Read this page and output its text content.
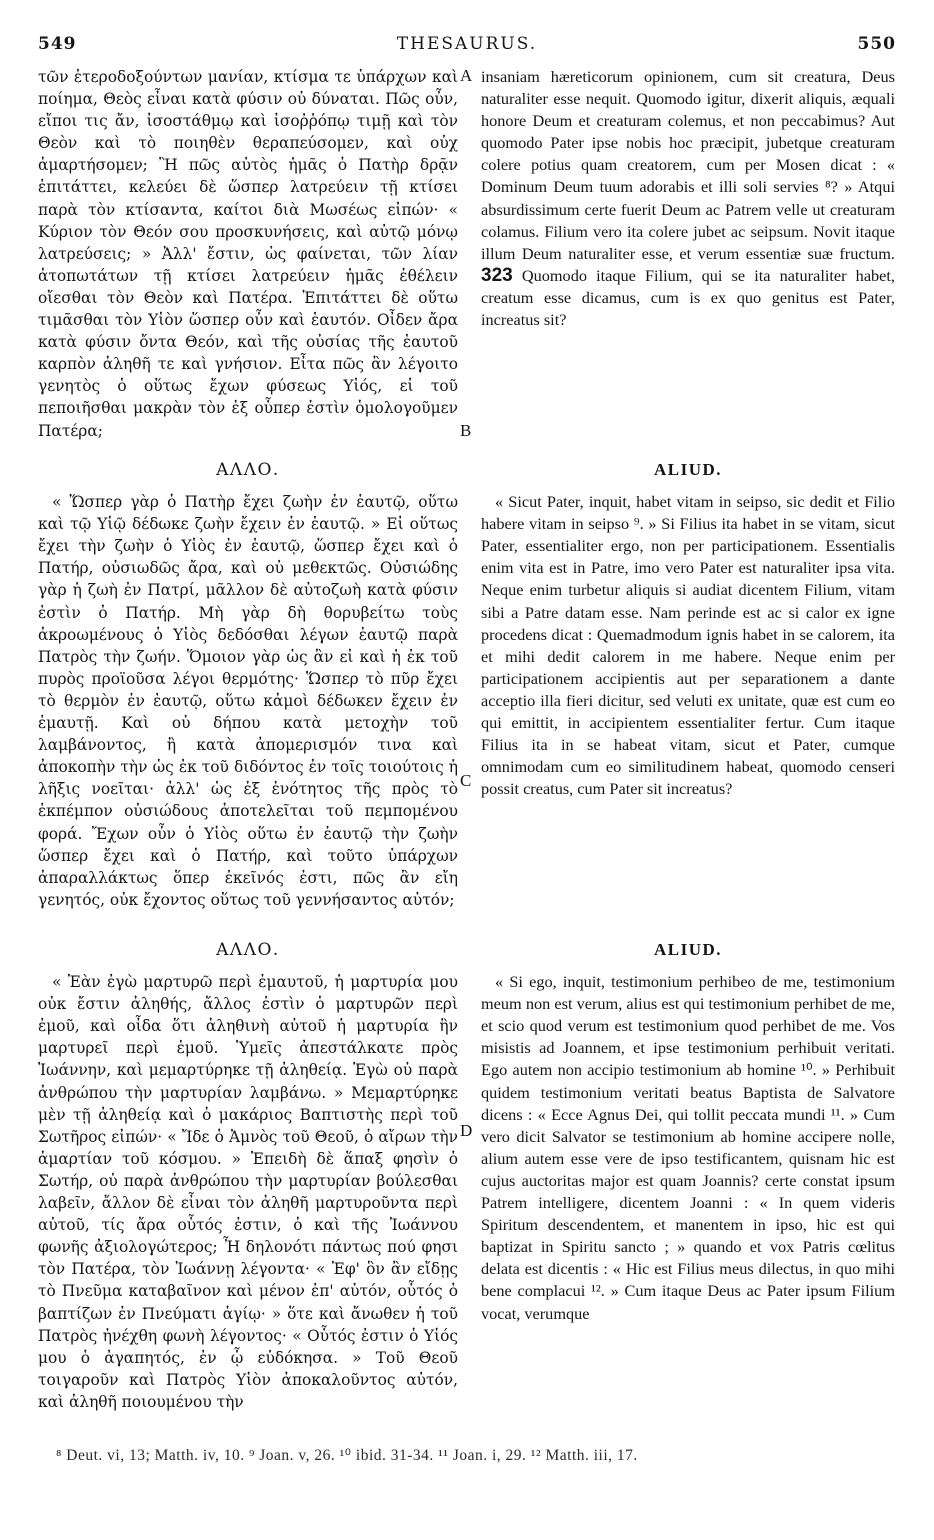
549	THESAURUS.	550
A
B
C
D

τῶν ἑτεροδοξούντων μανίαν, κτίσμα τε ὑπάρχων καὶ ποίημα, Θεὸς εἶναι κατὰ φύσιν οὐ δύναται. Πῶς οὖν, εἴποι τις ἄν, ἰσοστάθμῳ καὶ ἰσοῤῥόπῳ τιμῇ καὶ τὸν Θεὸν καὶ τὸ ποιηθὲν θεραπεύσομεν, καὶ οὐχ ἁμαρτήσομεν; Ἢ πῶς αὐτὸς ἡμᾶς ὁ Πατὴρ δρᾷν ἐπιτάττει, κελεύει δὲ ὥσπερ λατρεύειν τῇ κτίσει παρὰ τὸν κτίσαντα, καίτοι διὰ Μωσέως εἰπών· « Κύριον τὸν Θεόν σου προσκυνήσεις, καὶ αὐτῷ μόνῳ λατρεύσεις; » Ἀλλ' ἔστιν, ὡς φαίνεται, τῶν λίαν ἀτοπωτάτων τῇ κτίσει λατρεύειν ἡμᾶς ἐθέλειν οἴεσθαι τὸν Θεὸν καὶ Πατέρα. Ἐπιτάττει δὲ οὕτω τιμᾶσθαι τὸν Υἱὸν ὥσπερ οὖν καὶ ἑαυτόν. Οἶδεν ἄρα κατὰ φύσιν ὄντα Θεόν, καὶ τῆς οὐσίας τῆς ἑαυτοῦ καρπὸν ἀληθῆ τε καὶ γνήσιον. Εἶτα πῶς ἂν λέγοιτο γενητὸς ὁ οὕτως ἔχων φύσεως Υἱός, εἰ τοῦ πεποιῆσθαι μακρὰν τὸν ἐξ οὗπερ ἐστὶν ὁμολογοῦμεν Πατέρα;

ΑΛΛΟ.

« Ὥσπερ γὰρ ὁ Πατὴρ ἔχει ζωὴν ἐν ἑαυτῷ, οὕτω καὶ τῷ Υἱῷ δέδωκε ζωὴν ἔχειν ἐν ἑαυτῷ. » Εἰ οὕτως ἔχει τὴν ζωὴν ὁ Υἱὸς ἐν ἑαυτῷ, ὥσπερ ἔχει καὶ ὁ Πατήρ, οὐσιωδῶς ἄρα, καὶ οὐ μεθεκτῶς. Οὐσιώδης γὰρ ἡ ζωὴ ἐν Πατρί, μᾶλλον δὲ αὐτοζωὴ κατὰ φύσιν ἐστὶν ὁ Πατήρ. Μὴ γὰρ δὴ θορυβείτω τοὺς ἀκροωμένους ὁ Υἱὸς δεδόσθαι λέγων ἑαυτῷ παρὰ Πατρὸς τὴν ζωήν. Ὅμοιον γὰρ ὡς ἂν εἰ καὶ ἡ ἐκ τοῦ πυρὸς προϊοῦσα λέγοι θερμότης· Ὥσπερ τὸ πῦρ ἔχει τὸ θερμὸν ἐν ἑαυτῷ, οὕτω κἀμοὶ δέδωκεν ἔχειν ἐν ἐμαυτῇ. Καὶ οὐ δήπου κατὰ μετοχὴν τοῦ λαμβάνοντος, ἢ κατὰ ἀπομερισμόν τινα καὶ ἀποκοπὴν τὴν ὡς ἐκ τοῦ διδόντος ἐν τοῖς τοιούτοις ἡ λῆξις νοεῖται· ἀλλ' ὡς ἐξ ἑνότητος τῆς πρὸς τὸ ἐκπέμπον οὐσιώδους ἀποτελεῖται τοῦ πεμπομένου φορά. Ἔχων οὖν ὁ Υἱὸς οὕτω ἐν ἑαυτῷ τὴν ζωὴν ὥσπερ ἔχει καὶ ὁ Πατήρ, καὶ τοῦτο ὑπάρχων ἀπαραλλάκτως ὅπερ ἐκεῖνός ἐστι, πῶς ἂν εἴη γενητός, οὐκ ἔχοντος οὕτως τοῦ γεννήσαντος αὐτόν;

ΑΛΛΟ.

« Ἐὰν ἐγὼ μαρτυρῶ περὶ ἐμαυτοῦ, ἡ μαρτυρία μου οὐκ ἔστιν ἀληθής, ἄλλος ἐστὶν ὁ μαρτυρῶν περὶ ἐμοῦ, καὶ οἶδα ὅτι ἀληθινὴ αὐτοῦ ἡ μαρτυρία ἣν μαρτυρεῖ περὶ ἐμοῦ. Ὑμεῖς ἀπεστάλκατε πρὸς Ἰωάννην, καὶ μεμαρτύρηκε τῇ ἀληθείᾳ. Ἐγὼ οὐ παρὰ ἀνθρώπου τὴν μαρτυρίαν λαμβάνω. » Μεμαρτύρηκε μὲν τῇ ἀληθείᾳ καὶ ὁ μακάριος Βαπτιστὴς περὶ τοῦ Σωτῆρος εἰπών· « Ἴδε ὁ Ἀμνὸς τοῦ Θεοῦ, ὁ αἴρων τὴν ἁμαρτίαν τοῦ κόσμου. » Ἐπειδὴ δὲ ἅπαξ φησὶν ὁ Σωτήρ, οὐ παρὰ ἀνθρώπου τὴν μαρτυρίαν βούλεσθαι λαβεῖν, ἄλλον δὲ εἶναι τὸν ἀληθῆ μαρτυροῦντα περὶ αὐτοῦ, τίς ἄρα οὗτός ἐστιν, ὁ καὶ τῆς Ἰωάννου φωνῆς ἀξιολογώτερος; Ἦ δηλονότι πάντως πού φησι τὸν Πατέρα, τὸν Ἰωάννῃ λέγοντα· « Ἐφ' ὃν ἂν εἴδῃς τὸ Πνεῦμα καταβαῖνον καὶ μένον ἐπ' αὐτόν, οὗτός ὁ βαπτίζων ἐν Πνεύματι ἁγίῳ· » ὅτε καὶ ἄνωθεν ἡ τοῦ Πατρὸς ἠνέχθη φωνὴ λέγοντος· « Οὗτός ἐστιν ὁ Υἱός μου ὁ ἀγαπητός, ἐν ᾧ εὐδόκησα. » Τοῦ Θεοῦ τοιγαροῦν καὶ Πατρὸς Υἱὸν ἀποκαλοῦντος αὐτόν, καὶ ἀληθῆ ποιουμένου τὴν

insaniam hæreticorum opinionem, cum sit creatura, Deus naturaliter esse nequit. Quomodo igitur, dixerit aliquis, æquali honore Deum et creaturam colemus, et non peccabimus? Aut quomodo Pater ipse nobis hoc præcipit, jubetque creaturam colere potius quam creatorem, cum per Mosen dicat : « Dominum Deum tuum adorabis et illi soli servies ⁸? » Atqui absurdissimum certe fuerit Deum ac Patrem velle ut creaturam colamus. Filium vero ita colere jubet ac seipsum. Novit itaque illum Deum naturaliter esse, et verum essentiæ suæ fructum. 323 Quomodo itaque Filium, qui se ita naturaliter habet, creatum esse dicamus, cum is ex quo genitus est Pater, increatus sit?

ALIUD.

« Sicut Pater, inquit, habet vitam in seipso, sic dedit et Filio habere vitam in seipso ⁹. » Si Filius ita habet in se vitam, sicut Pater, essentialiter ergo, non per participationem. Essentialis enim vita est in Patre, imo vero Pater est naturaliter ipsa vita. Neque enim turbetur aliquis si audiat dicentem Filium, vitam sibi a Patre datam esse. Nam perinde est ac si calor ex igne procedens dicat : Quemadmodum ignis habet in se calorem, ita et mihi dedit calorem in me habere. Neque enim per participationem accipientis aut per separationem a dante acceptio illa fieri dicitur, sed veluti ex unitate, quæ est cum eo qui emittit, in accipientem essentialiter fertur. Cum itaque Filius ita in se habeat vitam, sicut et Pater, cumque omnimodam cum eo similitudinem habeat, quomodo censeri possit creatus, cum Pater sit increatus?

ALIUD.

« Si ego, inquit, testimonium perhibeo de me, testimonium meum non est verum, alius est qui testimonium perhibet de me, et scio quod verum est testimonium quod perhibet de me. Vos misistis ad Joannem, et ipse testimonium perhibuit veritati. Ego autem non accipio testimonium ab homine ¹⁰. » Perhibuit quidem testimonium veritati beatus Baptista de Salvatore dicens : « Ecce Agnus Dei, qui tollit peccata mundi ¹¹. » Cum vero dicit Salvator se testimonium ab homine accipere nolle, alium autem esse vere de ipso testificantem, quisnam hic est cujus auctoritas major est quam Joannis? certe constat ipsum Patrem intelligere, dicentem Joanni : « In quem videris Spiritum descendentem, et manentem in ipso, hic est qui baptizat in Spiritu sancto ; » quando et vox Patris cœlitus delata est dicentis : « Hic est Filius meus dilectus, in quo mihi bene complacui ¹². » Cum itaque Deus ac Pater ipsum Filium vocat, verumque

⁸ Deut. vi, 13; Matth. iv, 10. ⁹ Joan. v, 26. ¹⁰ ibid. 31-34. ¹¹ Joan. i, 29. ¹² Matth. iii, 17.
